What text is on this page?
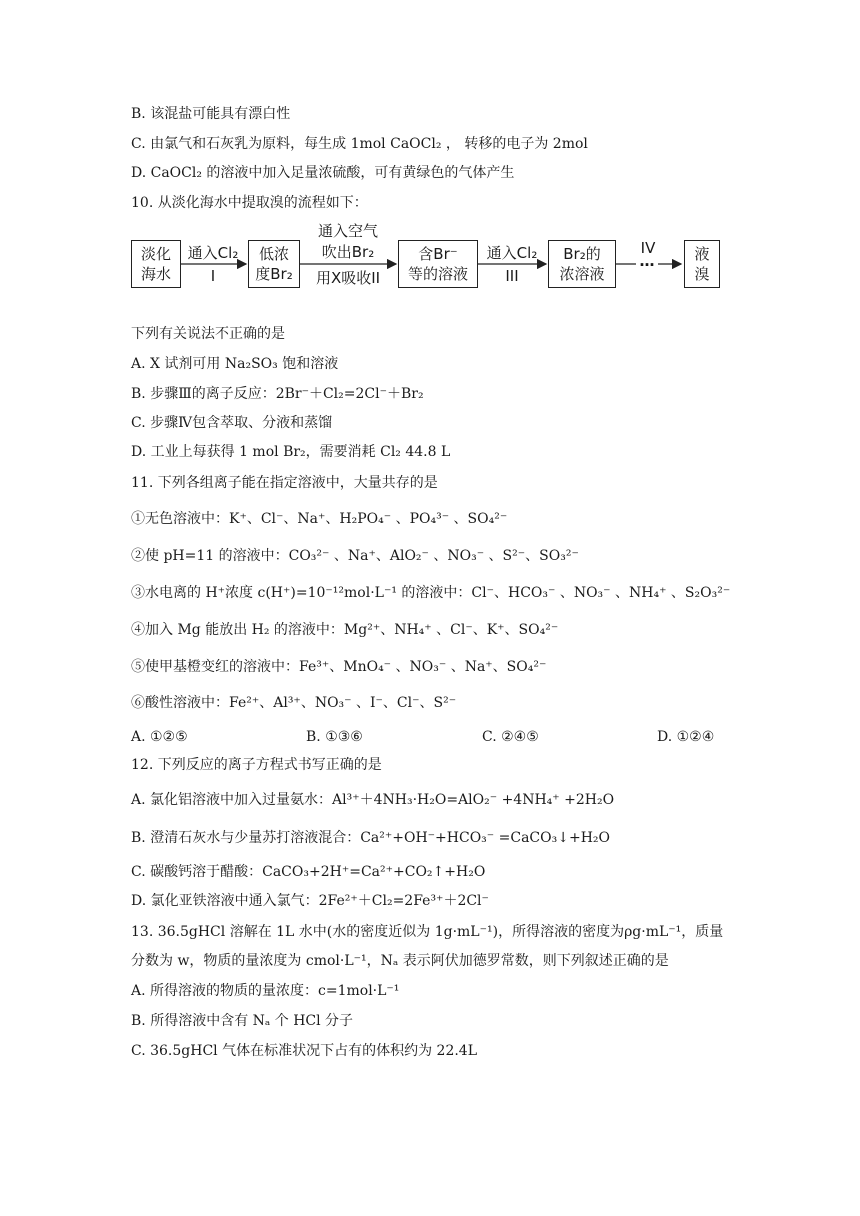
B. 该混盐可能具有漂白性
C. 由氯气和石灰乳为原料，每生成 1mol CaOCl₂ ， 转移的电子为 2mol
D. CaOCl₂ 的溶液中加入足量浓硫酸，可有黄绿色的气体产生
10. 从淡化海水中提取溴的流程如下：
淡化
海水
低浓
度Br₂
含Br⁻
等的溶液
Br₂的
浓溶液
液
溴
通入Cl₂
I
通入空气
吹出Br₂
用X吸收II
通入Cl₂
III
IV
…
下列有关说法不正确的是
A. X 试剂可用 Na₂SO₃ 饱和溶液
B. 步骤Ⅲ的离子反应：2Br⁻＋Cl₂=2Cl⁻＋Br₂
C. 步骤Ⅳ包含萃取、分液和蒸馏
D. 工业上每获得 1 mol Br₂，需要消耗 Cl₂ 44.8 L
11. 下列各组离子能在指定溶液中，大量共存的是
①无色溶液中：K⁺、Cl⁻、Na⁺、H₂PO₄⁻ 、PO₄³⁻ 、SO₄²⁻
②使 pH=11 的溶液中：CO₃²⁻ 、Na⁺、AlO₂⁻ 、NO₃⁻ 、S²⁻、SO₃²⁻
③水电离的 H⁺浓度 c(H⁺)=10⁻¹²mol·L⁻¹ 的溶液中：Cl⁻、HCO₃⁻ 、NO₃⁻ 、NH₄⁺ 、S₂O₃²⁻
④加入 Mg 能放出 H₂ 的溶液中：Mg²⁺、NH₄⁺ 、Cl⁻、K⁺、SO₄²⁻
⑤使甲基橙变红的溶液中：Fe³⁺、MnO₄⁻ 、NO₃⁻ 、Na⁺、SO₄²⁻
⑥酸性溶液中：Fe²⁺、Al³⁺、NO₃⁻ 、I⁻、Cl⁻、S²⁻
A. ①②⑤	B. ①③⑥	C. ②④⑤	D. ①②④
12. 下列反应的离子方程式书写正确的是
A. 氯化铝溶液中加入过量氨水：Al³⁺＋4NH₃·H₂O=AlO₂⁻ +4NH₄⁺ +2H₂O
B. 澄清石灰水与少量苏打溶液混合：Ca²⁺+OH⁻+HCO₃⁻ =CaCO₃↓+H₂O
C. 碳酸钙溶于醋酸：CaCO₃+2H⁺=Ca²⁺+CO₂↑+H₂O
D. 氯化亚铁溶液中通入氯气：2Fe²⁺＋Cl₂=2Fe³⁺＋2Cl⁻
13. 36.5gHCl 溶解在 1L 水中(水的密度近似为 1g·mL⁻¹)，所得溶液的密度为ρg·mL⁻¹，质量
分数为 w，物质的量浓度为 cmol·L⁻¹，Nₐ 表示阿伏加德罗常数，则下列叙述正确的是
A. 所得溶液的物质的量浓度：c=1mol·L⁻¹
B. 所得溶液中含有 Nₐ 个 HCl 分子
C. 36.5gHCl 气体在标准状况下占有的体积约为 22.4L
